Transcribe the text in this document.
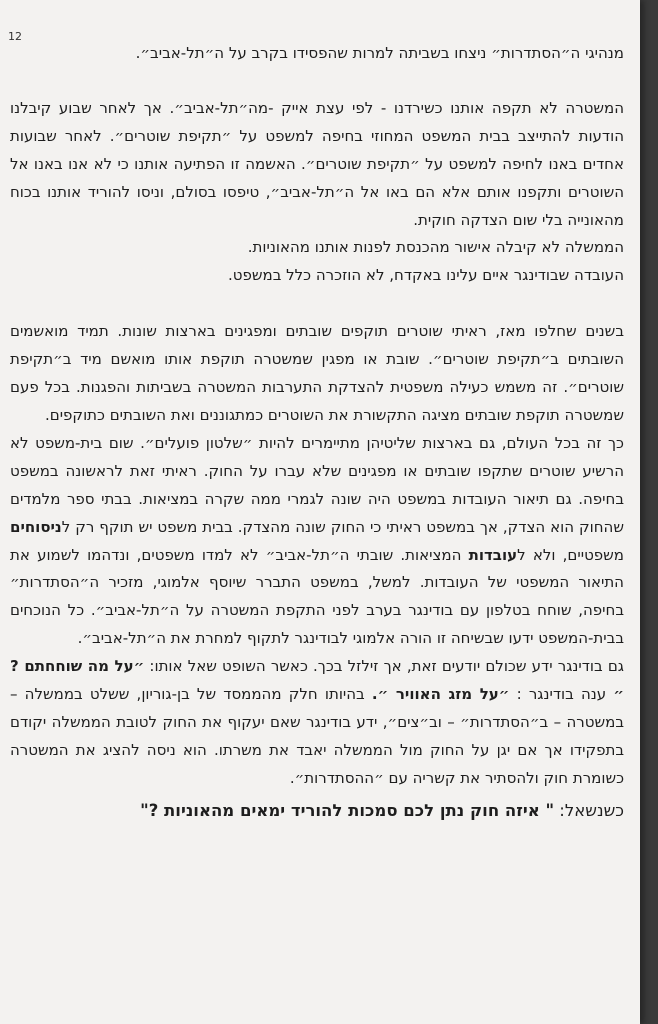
12

מנהיגי ה״הסתדרות״ ניצחו בשביתה למרות שהפסידו בקרב על ה״תל-אביב״.

המשטרה לא תקפה אותנו כשירדנו - לפי עצת אייק -מה״תל-אביב״. אך לאחר שבוע קיבלנו הודעות להתייצב בבית המשפט המחוזי בחיפה למשפט על ״תקיפת שוטרים״. לאחר שבועות אחדים באנו לחיפה למשפט על ״תקיפת שוטרים״. האשמה זו הפתיעה אותנו כי לא אנו באנו אל השוטרים ותקפנו אותם אלא הם באו אל ה״תל-אביב״, טיפסו בסולם, וניסו להוריד אותנו בכוח מהאונייה בלי שום הצדקה חוקית.

הממשלה לא קיבלה אישור מהכנסת לפנות אותנו מהאוניות.

העובדה שבודינגר איים עלינו באקדח, לא הוזכרה כלל במשפט.

בשנים שחלפו מאז, ראיתי שוטרים תוקפים שובתים ומפגינים בארצות שונות. תמיד מואשמים השובתים ב״תקיפת שוטרים״. שובת או מפגין שמשטרה תוקפת אותו מואשם מיד ב״תקיפת שוטרים״. זה משמש כעילה משפטית להצדקת התערבות המשטרה בשביתות והפגנות. בכל פעם שמשטרה תוקפת שובתים מציגה התקשורת את השוטרים כמתגוננים ואת השובתים כתוקפים.

כך זה בכל העולם, גם בארצות שליטיהן מתיימרים להיות ״שלטון פועלים״. שום בית-משפט לא הרשיע שוטרים שתקפו שובתים או מפגינים שלא עברו על החוק. ראיתי זאת לראשונה במשפט בחיפה. גם תיאור העובדות במשפט היה שונה לגמרי ממה שקרה במציאות. בבתי ספר מלמדים שהחוק הוא הצדק, אך במשפט ראיתי כי החוק שונה מהצדק. בבית משפט יש תוקף רק לניסוחים משפטיים, ולא לעובדות המציאות. שובתי ה״תל-אביב״ לא למדו משפטים, ונדהמו לשמוע את התיאור המשפטי של העובדות. למשל, במשפט התברר שיוסף אלמוגי, מזכיר ה״הסתדרות״ בחיפה, שוחח בטלפון עם בודינגר בערב לפני התקפת המשטרה על ה״תל-אביב״. כל הנוכחים בבית-המשפט ידעו שבשיחה זו הורה אלמוגי לבודינגר לתקוף למחרת את ה״תל-אביב״.

גם בודינגר ידע שכולם יודעים זאת, אך זילזל בכך. כאשר השופט שאל אותו: ״על מה שוחחתם ? ״ ענה בודינגר : ״על מזג האוויר ״. בהיותו חלק מהממסד של בן-גוריון, ששלט בממשלה – במשטרה – ב״הסתדרות״ – וב״צים״, ידע בודינגר שאם יעקוף את החוק לטובת הממשלה יקודם בתפקידו אך אם יגן על החוק מול הממשלה יאבד את משרתו. הוא ניסה להציג את המשטרה כשומרת חוק ולהסתיר את קשריה עם ״ההסתדרות״.

כשנשאל: " איזה חוק נתן לכם סמכות להוריד ימאים מהאוניות ?"
